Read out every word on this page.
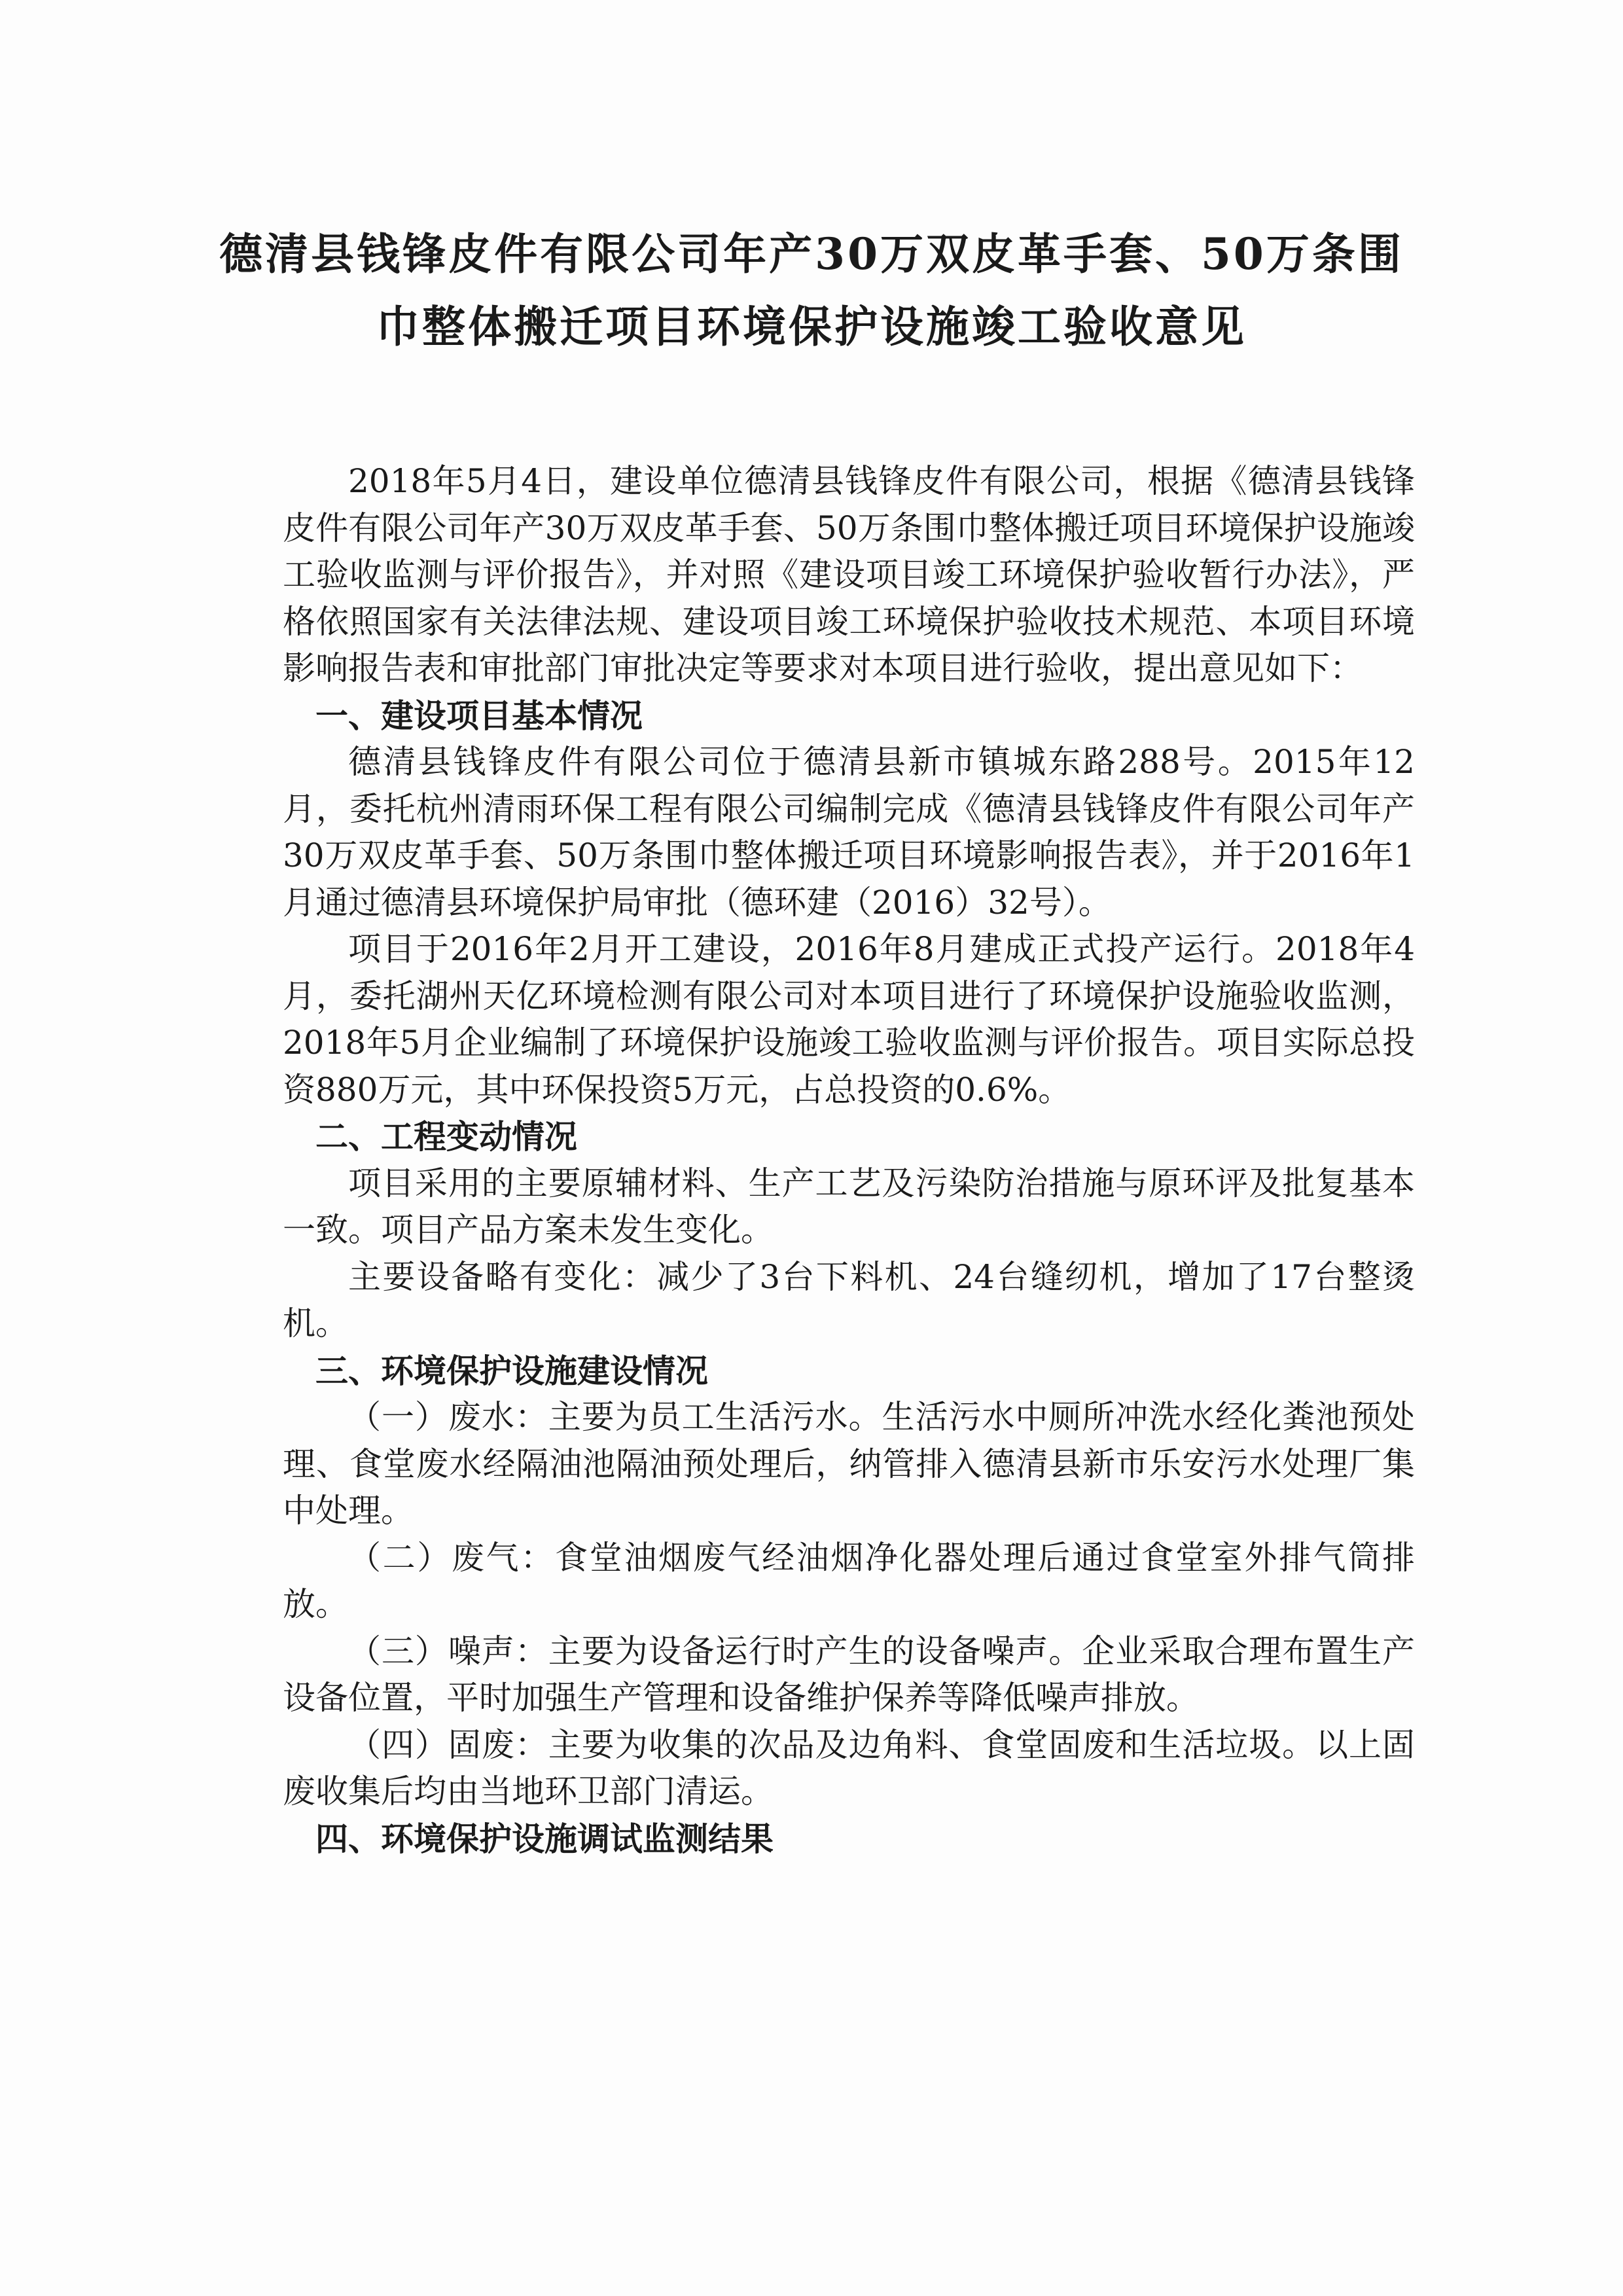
德清县钱锋皮件有限公司年产30万双皮革手套、50万条围
巾整体搬迁项目环境保护设施竣工验收意见

2018年5月4日，建设单位德清县钱锋皮件有限公司，根据《德清县钱锋皮件有限公司年产30万双皮革手套、50万条围巾整体搬迁项目环境保护设施竣工验收监测与评价报告》，并对照《建设项目竣工环境保护验收暂行办法》，严格依照国家有关法律法规、建设项目竣工环境保护验收技术规范、本项目环境影响报告表和审批部门审批决定等要求对本项目进行验收，提出意见如下：

一、建设项目基本情况

德清县钱锋皮件有限公司位于德清县新市镇城东路288号。2015年12月，委托杭州清雨环保工程有限公司编制完成《德清县钱锋皮件有限公司年产30万双皮革手套、50万条围巾整体搬迁项目环境影响报告表》，并于2016年1月通过德清县环境保护局审批（德环建（2016）32号）。

项目于2016年2月开工建设，2016年8月建成正式投产运行。2018年4月，委托湖州天亿环境检测有限公司对本项目进行了环境保护设施验收监测，2018年5月企业编制了环境保护设施竣工验收监测与评价报告。项目实际总投资880万元，其中环保投资5万元，占总投资的0.6%。

二、工程变动情况

项目采用的主要原辅材料、生产工艺及污染防治措施与原环评及批复基本一致。项目产品方案未发生变化。

主要设备略有变化：减少了3台下料机、24台缝纫机，增加了17台整烫机。

三、环境保护设施建设情况

（一）废水：主要为员工生活污水。生活污水中厕所冲洗水经化粪池预处理、食堂废水经隔油池隔油预处理后，纳管排入德清县新市乐安污水处理厂集中处理。

（二）废气：食堂油烟废气经油烟净化器处理后通过食堂室外排气筒排放。

（三）噪声：主要为设备运行时产生的设备噪声。企业采取合理布置生产设备位置，平时加强生产管理和设备维护保养等降低噪声排放。

（四）固废：主要为收集的次品及边角料、食堂固废和生活垃圾。以上固废收集后均由当地环卫部门清运。

四、环境保护设施调试监测结果
